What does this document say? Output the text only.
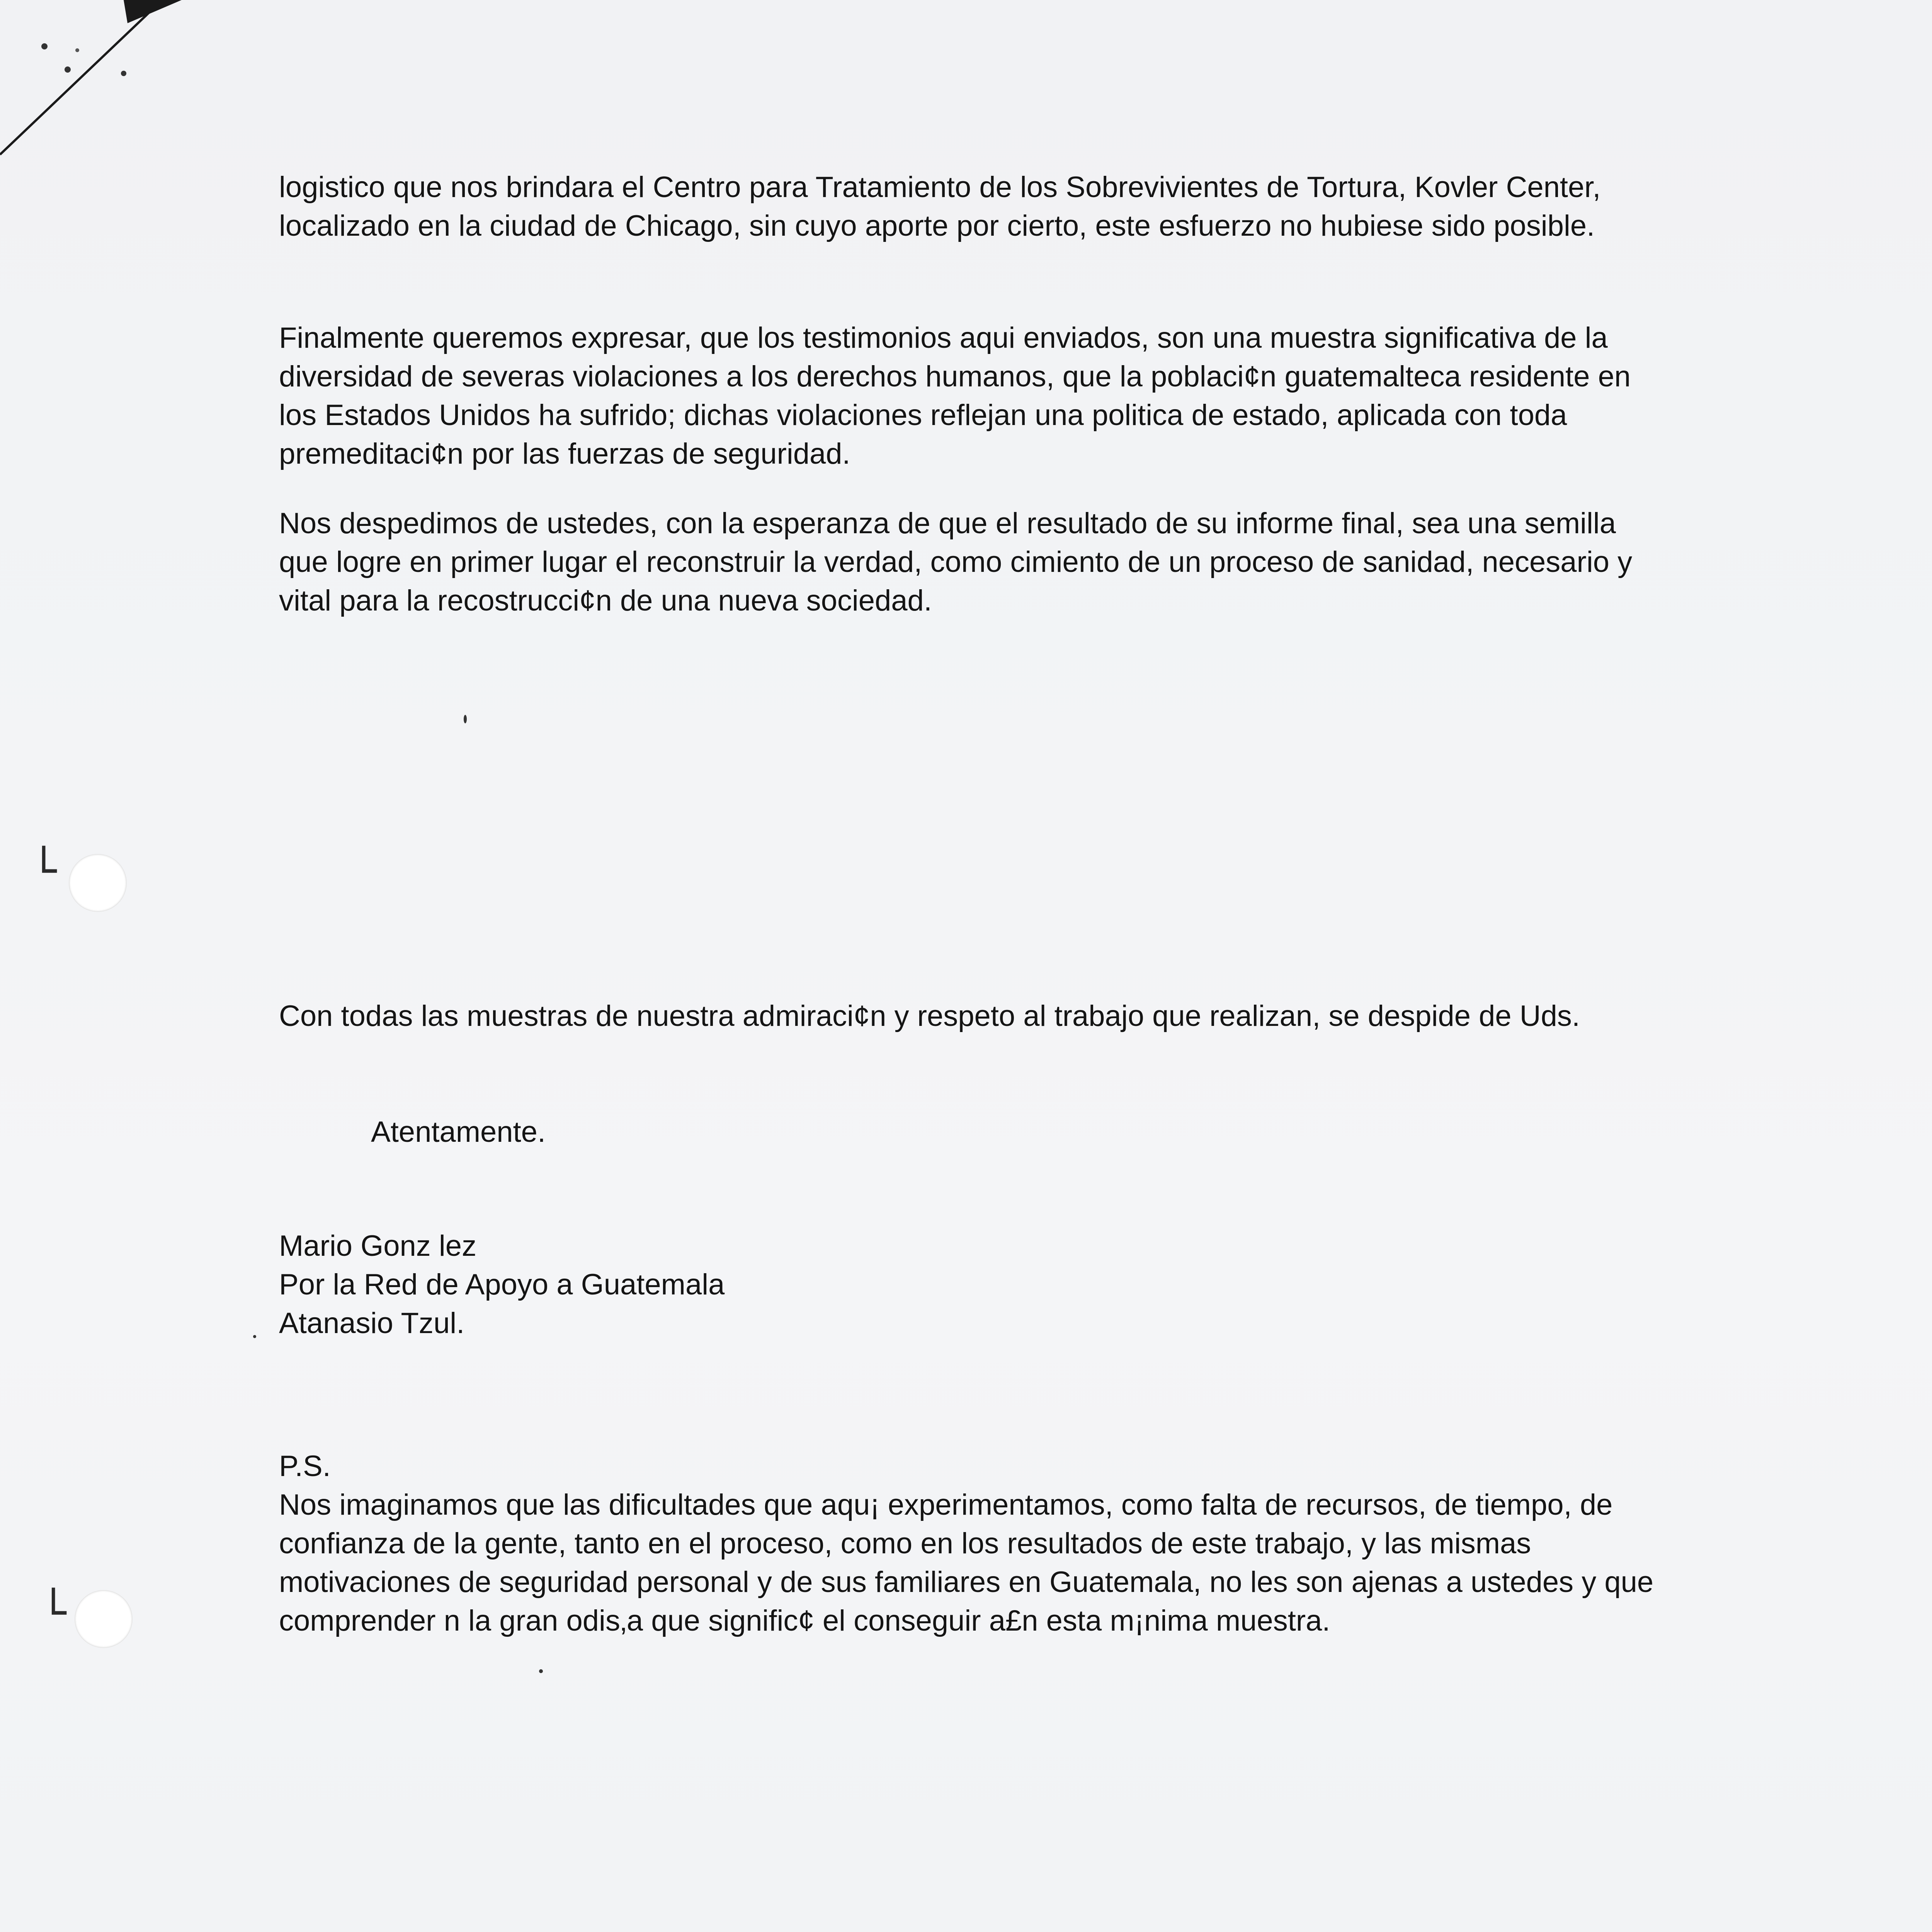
└
└

logistico que nos brindara el Centro para Tratamiento de los Sobrevivientes de Tortura, Kovler Center, localizado en la ciudad de Chicago, sin cuyo aporte por cierto, este esfuerzo no hubiese sido posible.

Finalmente queremos expresar, que los testimonios aqui enviados, son una muestra significativa de la diversidad de severas violaciones a los derechos humanos, que la poblaci¢n guatemalteca residente en los Estados Unidos ha sufrido; dichas violaciones reflejan una politica de estado, aplicada con toda premeditaci¢n por las fuerzas de seguridad.

Nos despedimos de ustedes, con la esperanza de que el resultado de su informe final, sea una semilla que logre en primer lugar el reconstruir la verdad, como cimiento de un proceso de sanidad, necesario y vital para la recostrucci¢n de una nueva sociedad.

Con todas las muestras de nuestra admiraci¢n y respeto al trabajo que realizan, se despide de Uds.

Atentamente.

Mario Gonz lez
Por la Red de Apoyo a Guatemala
Atanasio Tzul.

P.S.

Nos imaginamos que las dificultades que aqu¡ experimentamos, como falta de recursos, de tiempo, de confianza de la gente, tanto en el proceso, como en los resultados de este trabajo, y las mismas motivaciones de seguridad personal y de sus familiares en Guatemala, no les son ajenas a ustedes y que comprender n la gran odis‚a que signific¢ el conseguir a£n esta m¡nima muestra.
